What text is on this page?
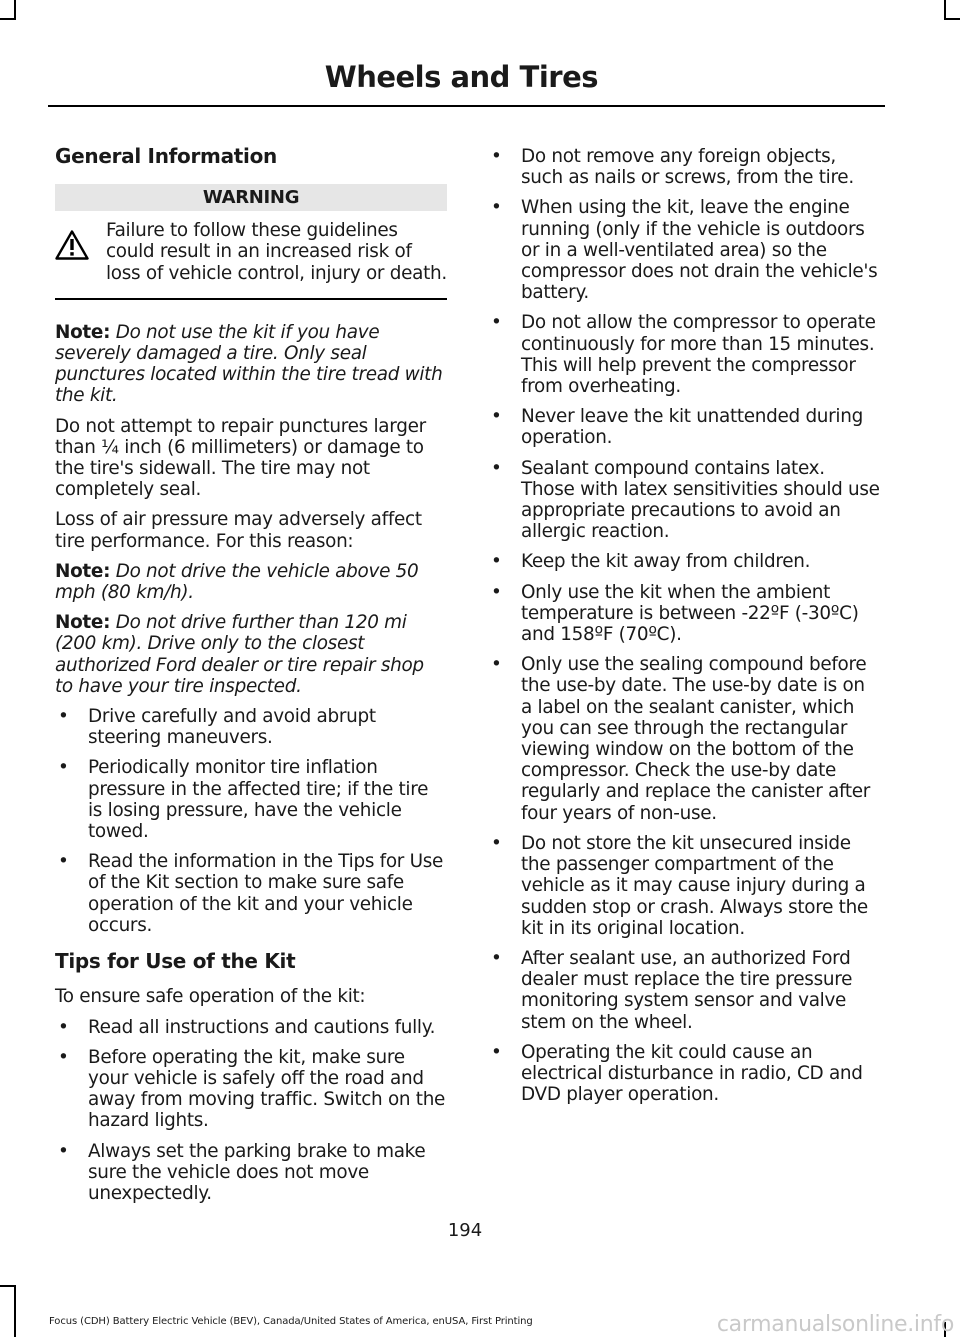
Wheels and Tires
General Information
WARNING
Failure to follow these guidelines could result in an increased risk of loss of vehicle control, injury or death.

Note: Do not use the kit if you have severely damaged a tire. Only seal punctures located within the tire tread with the kit.

Do not attempt to repair punctures larger than ¼ inch (6 millimeters) or damage to the tire's sidewall. The tire may not completely seal.

Loss of air pressure may adversely affect tire performance. For this reason:

Note: Do not drive the vehicle above 50 mph (80 km/h).

Note: Do not drive further than 120 mi (200 km). Drive only to the closest authorized Ford dealer or tire repair shop to have your tire inspected.

• Drive carefully and avoid abrupt steering maneuvers.
• Periodically monitor tire inflation pressure in the affected tire; if the tire is losing pressure, have the vehicle towed.
• Read the information in the Tips for Use of the Kit section to make sure safe operation of the kit and your vehicle occurs.
Tips for Use of the Kit

To ensure safe operation of the kit:

• Read all instructions and cautions fully.
• Before operating the kit, make sure your vehicle is safely off the road and away from moving traffic. Switch on the hazard lights.
• Always set the parking brake to make sure the vehicle does not move unexpectedly.
• Do not remove any foreign objects, such as nails or screws, from the tire.
• When using the kit, leave the engine running (only if the vehicle is outdoors or in a well-ventilated area) so the compressor does not drain the vehicle's battery.
• Do not allow the compressor to operate continuously for more than 15 minutes. This will help prevent the compressor from overheating.
• Never leave the kit unattended during operation.
• Sealant compound contains latex. Those with latex sensitivities should use appropriate precautions to avoid an allergic reaction.
• Keep the kit away from children.
• Only use the kit when the ambient temperature is between -22ºF (-30ºC) and 158ºF (70ºC).
• Only use the sealing compound before the use-by date. The use-by date is on a label on the sealant canister, which you can see through the rectangular viewing window on the bottom of the compressor. Check the use-by date regularly and replace the canister after four years of non-use.
• Do not store the kit unsecured inside the passenger compartment of the vehicle as it may cause injury during a sudden stop or crash. Always store the kit in its original location.
• After sealant use, an authorized Ford dealer must replace the tire pressure monitoring system sensor and valve stem on the wheel.
• Operating the kit could cause an electrical disturbance in radio, CD and DVD player operation.
194
Focus (CDH) Battery Electric Vehicle (BEV), Canada/United States of America, enUSA, First Printing	carmanualsonline.info
